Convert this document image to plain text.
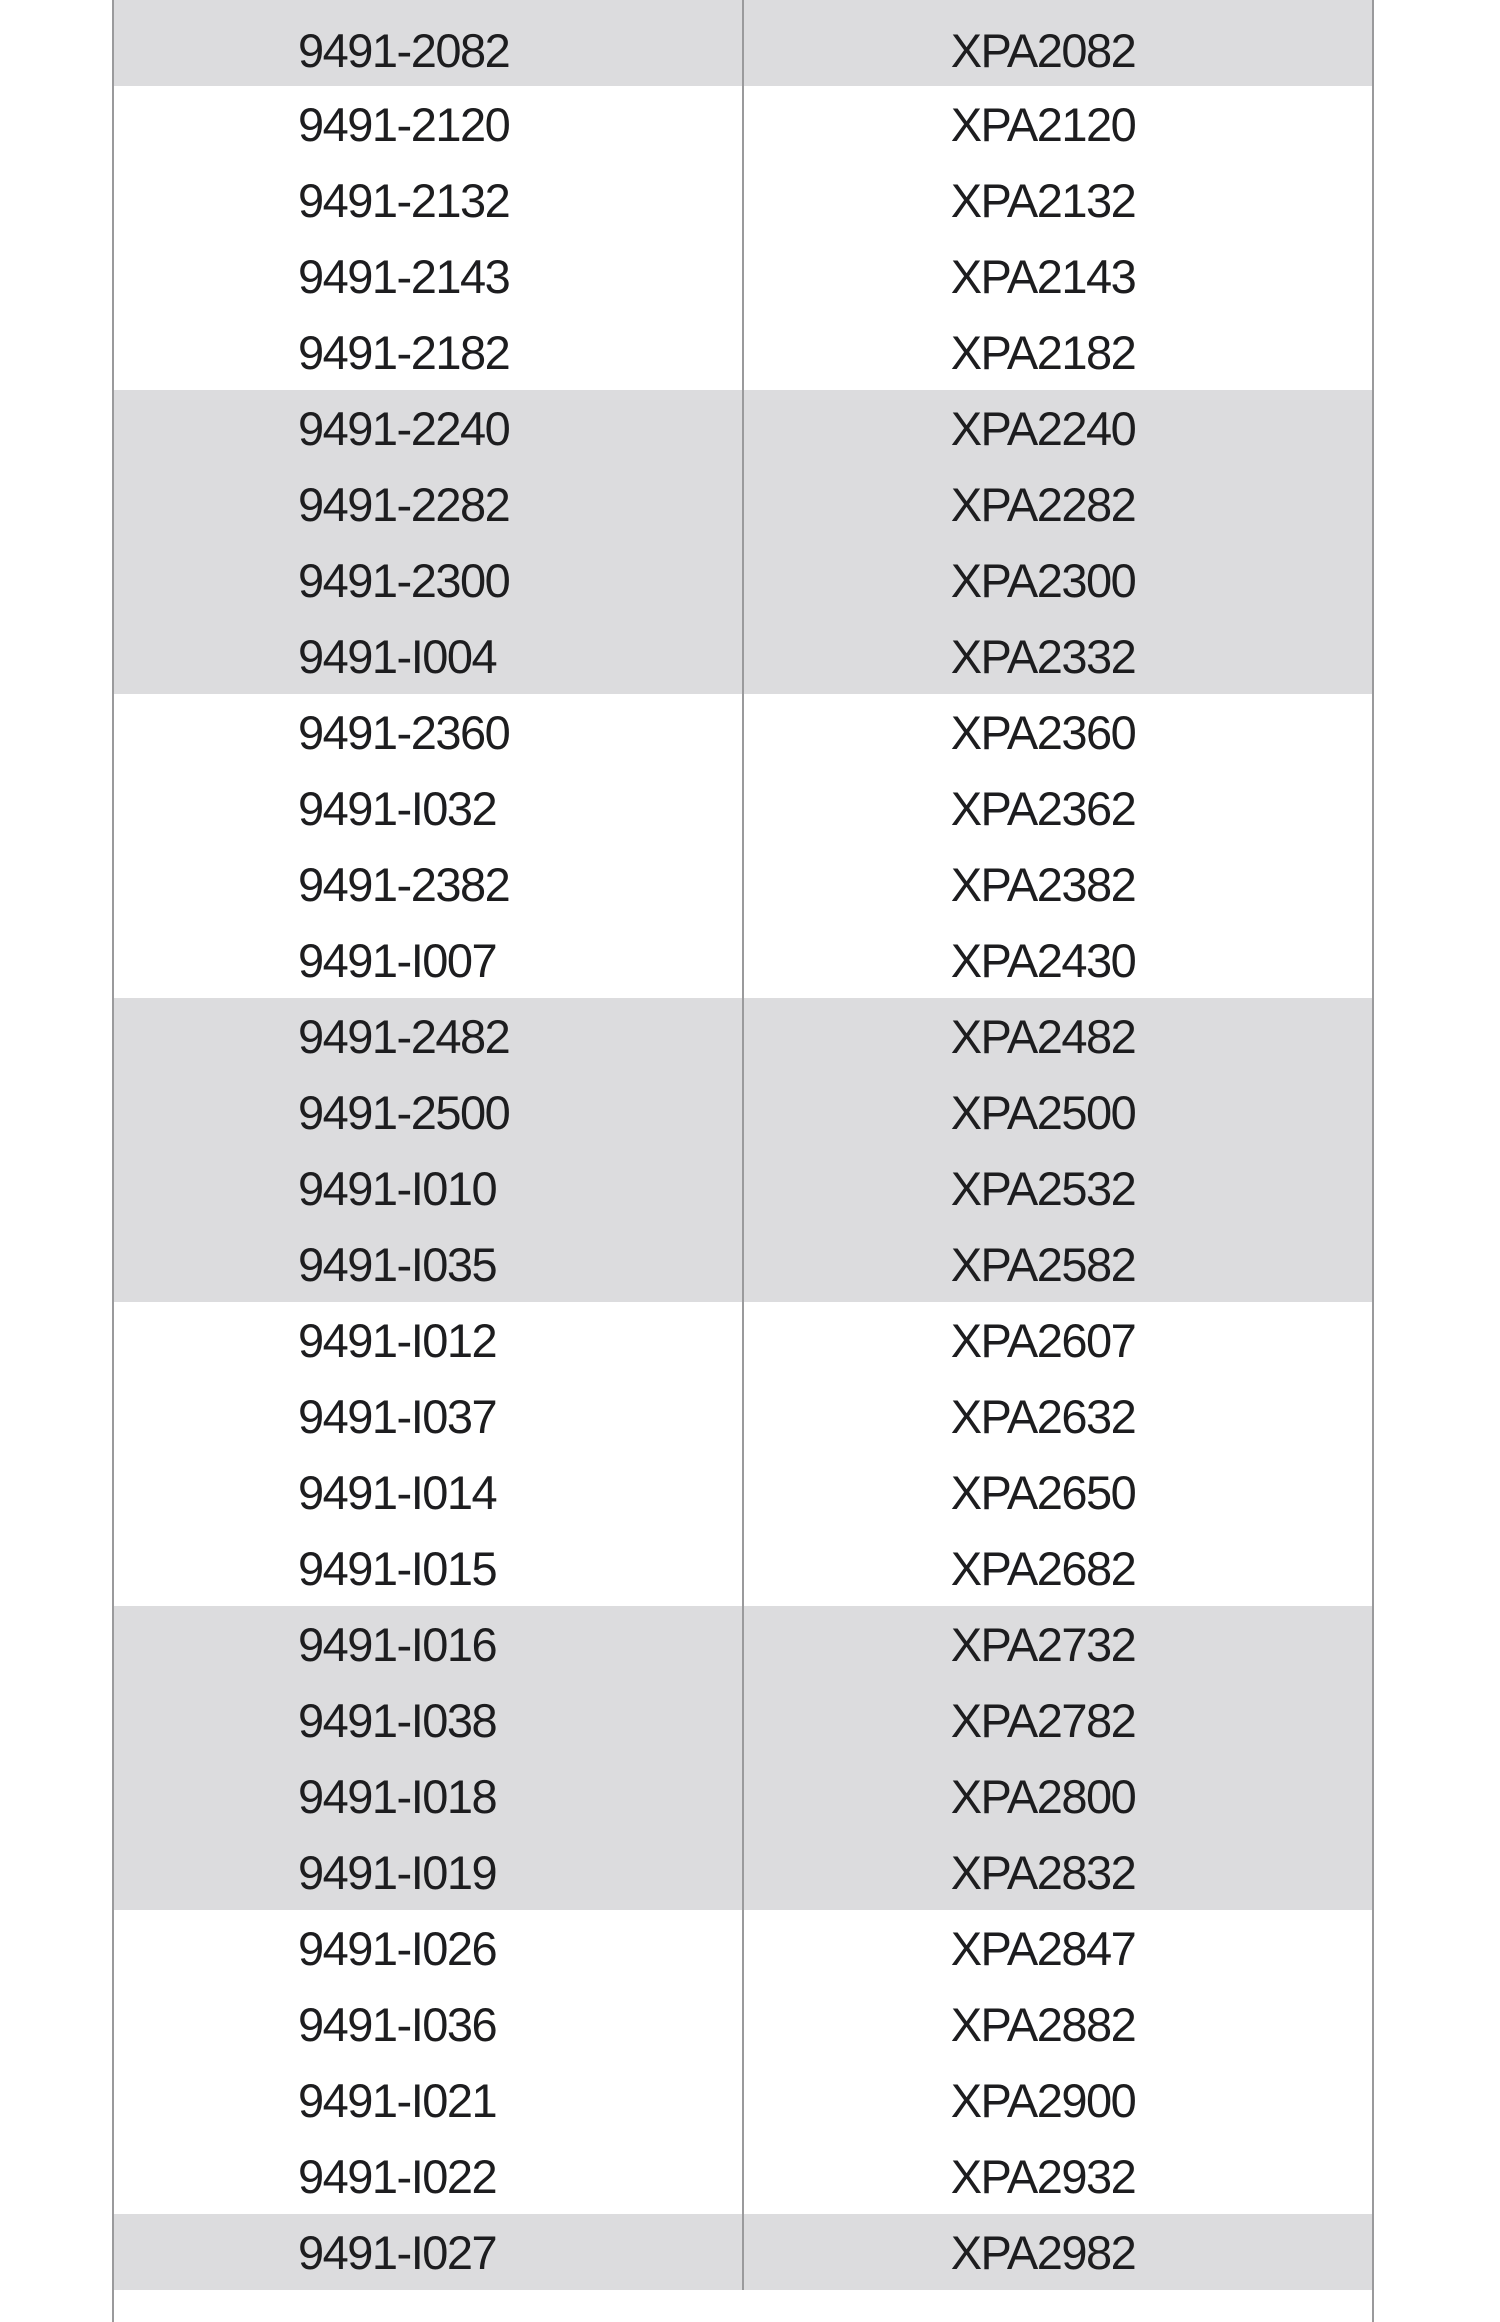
9491-2082	XPA2082
9491-2120	XPA2120
9491-2132	XPA2132
9491-2143	XPA2143
9491-2182	XPA2182
9491-2240	XPA2240
9491-2282	XPA2282
9491-2300	XPA2300
9491-I004	XPA2332
9491-2360	XPA2360
9491-I032	XPA2362
9491-2382	XPA2382
9491-I007	XPA2430
9491-2482	XPA2482
9491-2500	XPA2500
9491-I010	XPA2532
9491-I035	XPA2582
9491-I012	XPA2607
9491-I037	XPA2632
9491-I014	XPA2650
9491-I015	XPA2682
9491-I016	XPA2732
9491-I038	XPA2782
9491-I018	XPA2800
9491-I019	XPA2832
9491-I026	XPA2847
9491-I036	XPA2882
9491-I021	XPA2900
9491-I022	XPA2932
9491-I027	XPA2982
